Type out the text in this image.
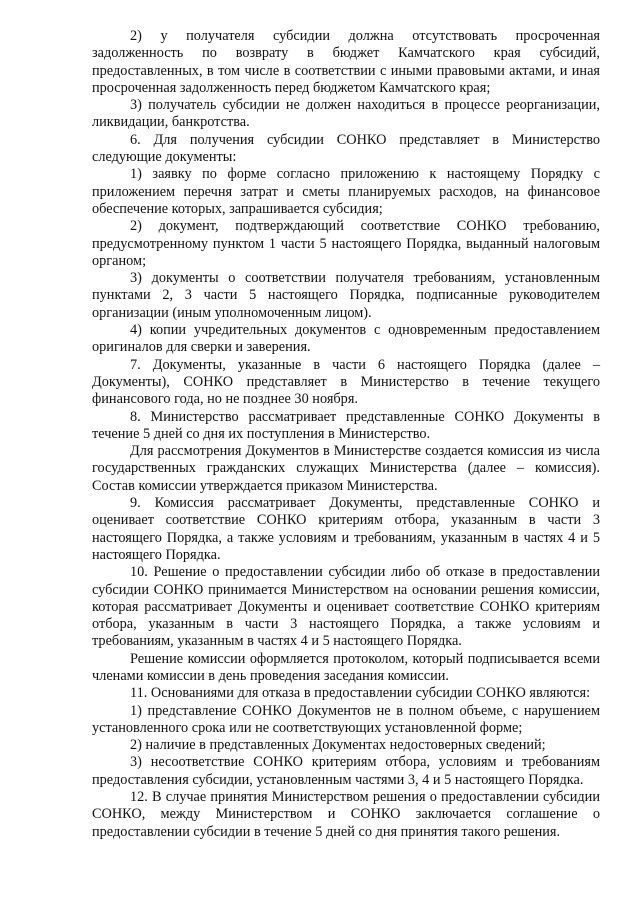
2) у получателя субсидии должна отсутствовать просроченная задолженность по возврату в бюджет Камчатского края субсидий, предоставленных, в том числе в соответствии с иными правовыми актами, и иная просроченная задолженность перед бюджетом Камчатского края;

3) получатель субсидии не должен находиться в процессе реорганизации, ликвидации, банкротства.

6. Для получения субсидии СОНКО представляет в Министерство следующие документы:

1) заявку по форме согласно приложению к настоящему Порядку с приложением перечня затрат и сметы планируемых расходов, на финансовое обеспечение которых, запрашивается субсидия;

2) документ, подтверждающий соответствие СОНКО требованию, предусмотренному пунктом 1 части 5 настоящего Порядка, выданный налоговым органом;

3) документы о соответствии получателя требованиям, установленным пунктами 2, 3 части 5 настоящего Порядка, подписанные руководителем организации (иным уполномоченным лицом).

4) копии учредительных документов с одновременным предоставлением оригиналов для сверки и заверения.

7. Документы, указанные в части 6 настоящего Порядка (далее – Документы), СОНКО представляет в Министерство в течение текущего финансового года, но не позднее 30 ноября.

8. Министерство рассматривает представленные СОНКО Документы в течение 5 дней со дня их поступления в Министерство.

Для рассмотрения Документов в Министерстве создается комиссия из числа государственных гражданских служащих Министерства (далее – комиссия). Состав комиссии утверждается приказом Министерства.

9. Комиссия рассматривает Документы, представленные СОНКО и оценивает соответствие СОНКО критериям отбора, указанным в части 3 настоящего Порядка, а также условиям и требованиям, указанным в частях 4 и 5 настоящего Порядка.

10. Решение о предоставлении субсидии либо об отказе в предоставлении субсидии СОНКО принимается Министерством на основании решения комиссии, которая рассматривает Документы и оценивает соответствие СОНКО критериям отбора, указанным в части 3 настоящего Порядка, а также условиям и требованиям, указанным в частях 4 и 5 настоящего Порядка.

Решение комиссии оформляется протоколом, который подписывается всеми членами комиссии в день проведения заседания комиссии.

11. Основаниями для отказа в предоставлении субсидии СОНКО являются:

1) представление СОНКО Документов не в полном объеме, с нарушением установленного срока или не соответствующих установленной форме;

2) наличие в представленных Документах недостоверных сведений;

3) несоответствие СОНКО критериям отбора, условиям и требованиям предоставления субсидии, установленным частями 3, 4 и 5 настоящего Порядка.

12. В случае принятия Министерством решения о предоставлении субсидии СОНКО, между Министерством и СОНКО заключается соглашение о предоставлении субсидии в течение 5 дней со дня принятия такого решения.
